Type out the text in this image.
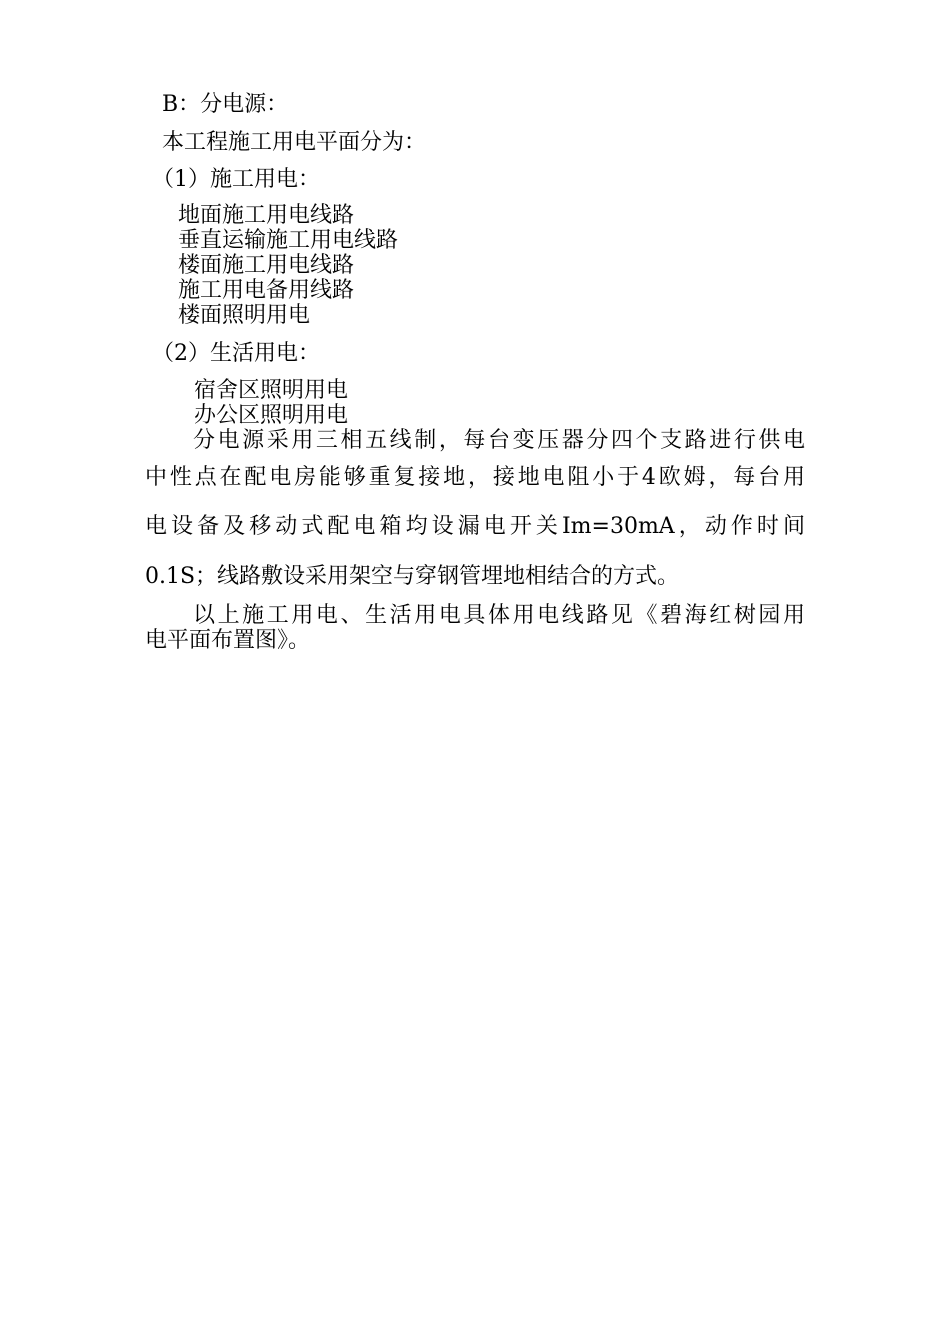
B：分电源：
本工程施工用电平面分为：
（1）施工用电：
地面施工用电线路
垂直运输施工用电线路
楼面施工用电线路
施工用电备用线路
楼面照明用电
（2）生活用电：
宿舍区照明用电
办公区照明用电
分电源采用三相五线制，每台变压器分四个支路进行供电
中性点在配电房能够重复接地，接地电阻小于4欧姆，每台用
电设备及移动式配电箱均设漏电开关Im=30mA，动作时间
0.1S；线路敷设采用架空与穿钢管埋地相结合的方式。
以上施工用电、生活用电具体用电线路见《碧海红树园用
电平面布置图》。
